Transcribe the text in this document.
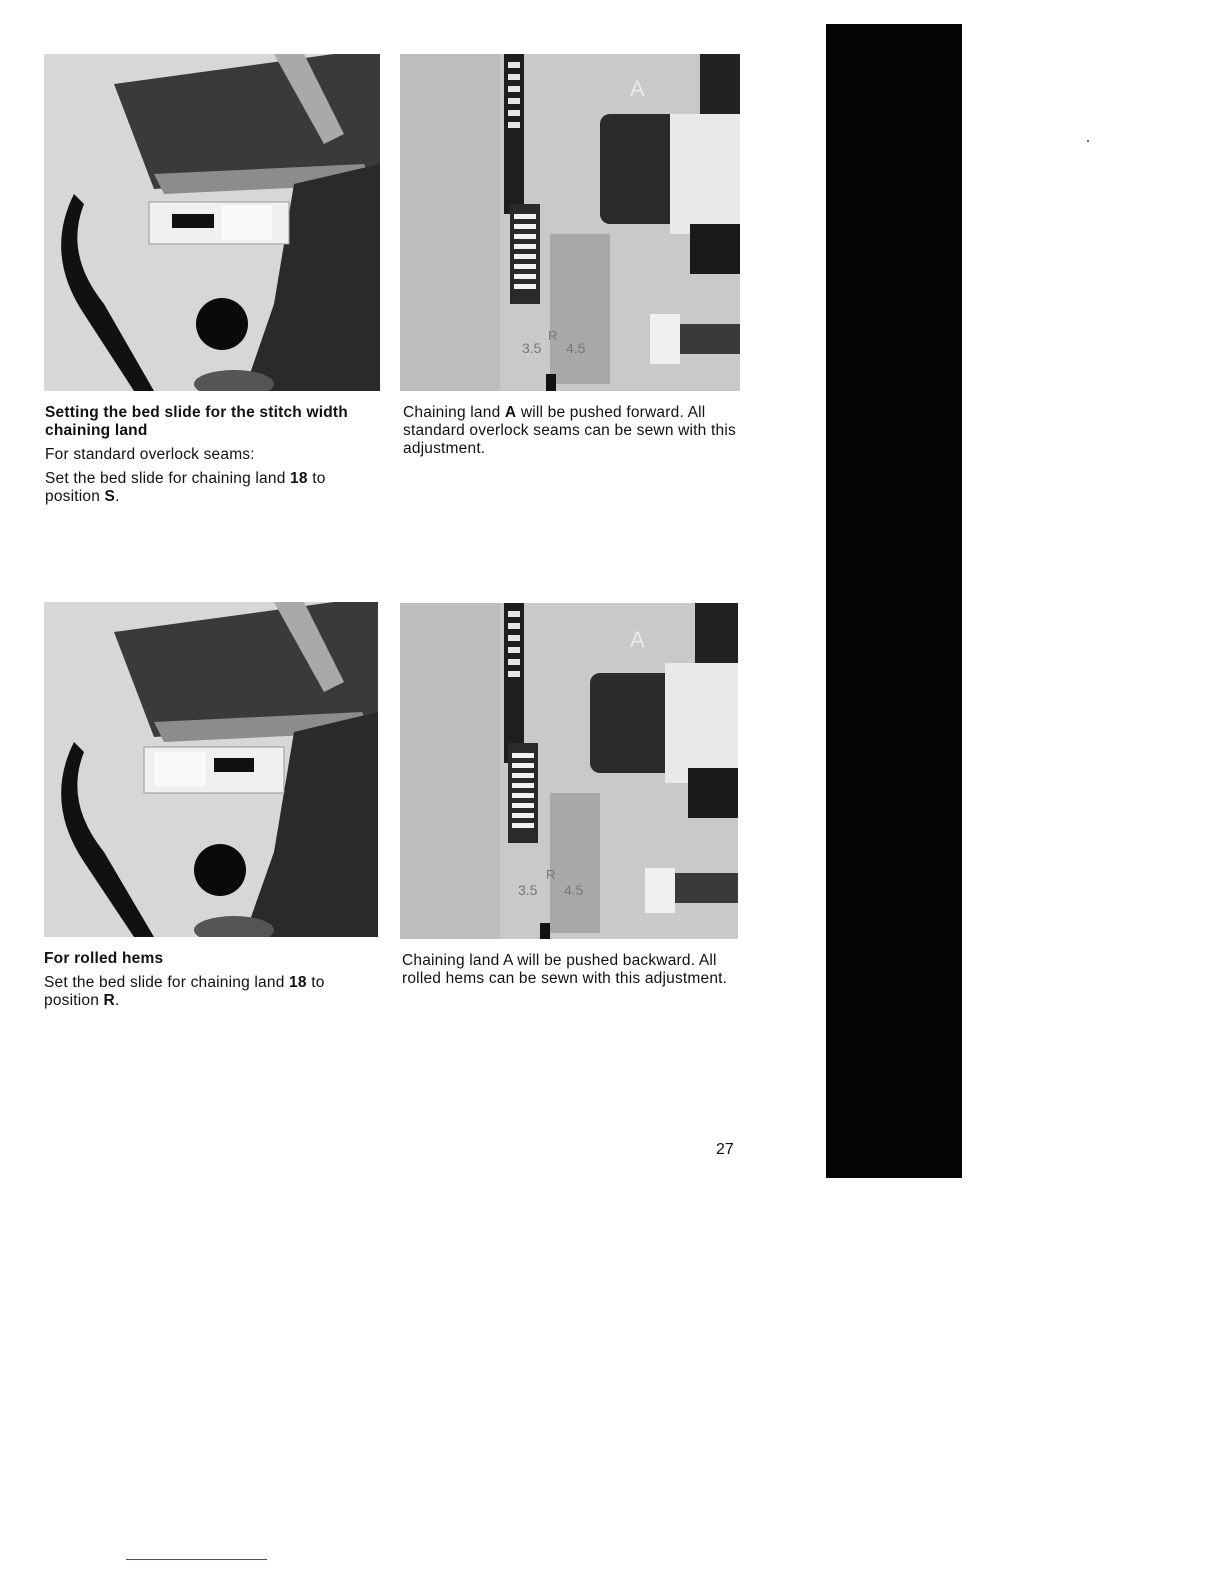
A
R
3.5 4.5

Setting the bed slide for the stitch width chaining land

For standard overlock seams:

Set the bed slide for chaining land 18 to position S.

Chaining land A will be pushed forward. All standard overlock seams can be sewn with this adjustment.

A
R
3.5 4.5

For rolled hems

Set the bed slide for chaining land 18 to position R.

Chaining land A will be pushed backward. All rolled hems can be sewn with this adjustment.

27
